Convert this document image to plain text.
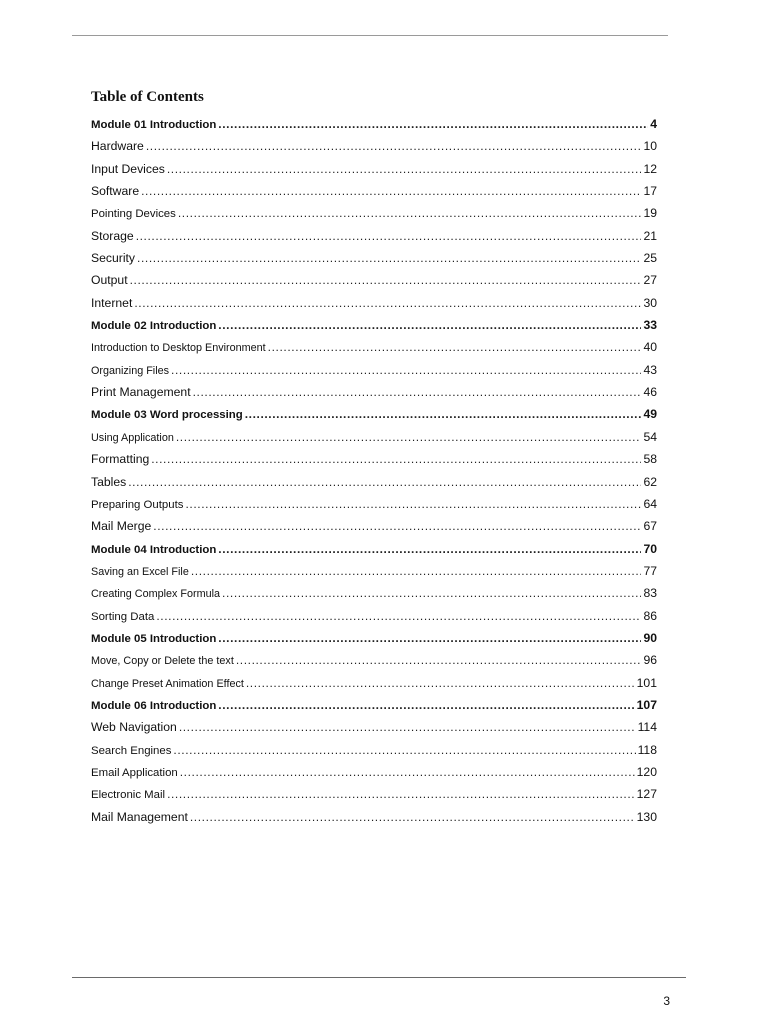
Table of Contents
Module 01 Introduction .....	4
Hardware .....	10
Input Devices .....	12
Software .....	17
Pointing Devices .....	19
Storage .....	21
Security .....	25
Output .....	27
Internet .....	30
Module 02 Introduction .....	33
Introduction to Desktop Environment .....	40
Organizing Files .....	43
Print Management .....	46
Module 03 Word processing .....	49
Using Application .....	54
Formatting .....	58
Tables .....	62
Preparing Outputs .....	64
Mail Merge .....	67
Module 04 Introduction .....	70
Saving an Excel File .....	77
Creating Complex Formula .....	83
Sorting Data .....	86
Module 05 Introduction .....	90
Move, Copy or Delete the text .....	96
Change Preset Animation Effect .....	101
Module 06 Introduction .....	107
Web Navigation .....	114
Search Engines .....	118
Email Application .....	120
Electronic Mail .....	127
Mail Management .....	130
3
